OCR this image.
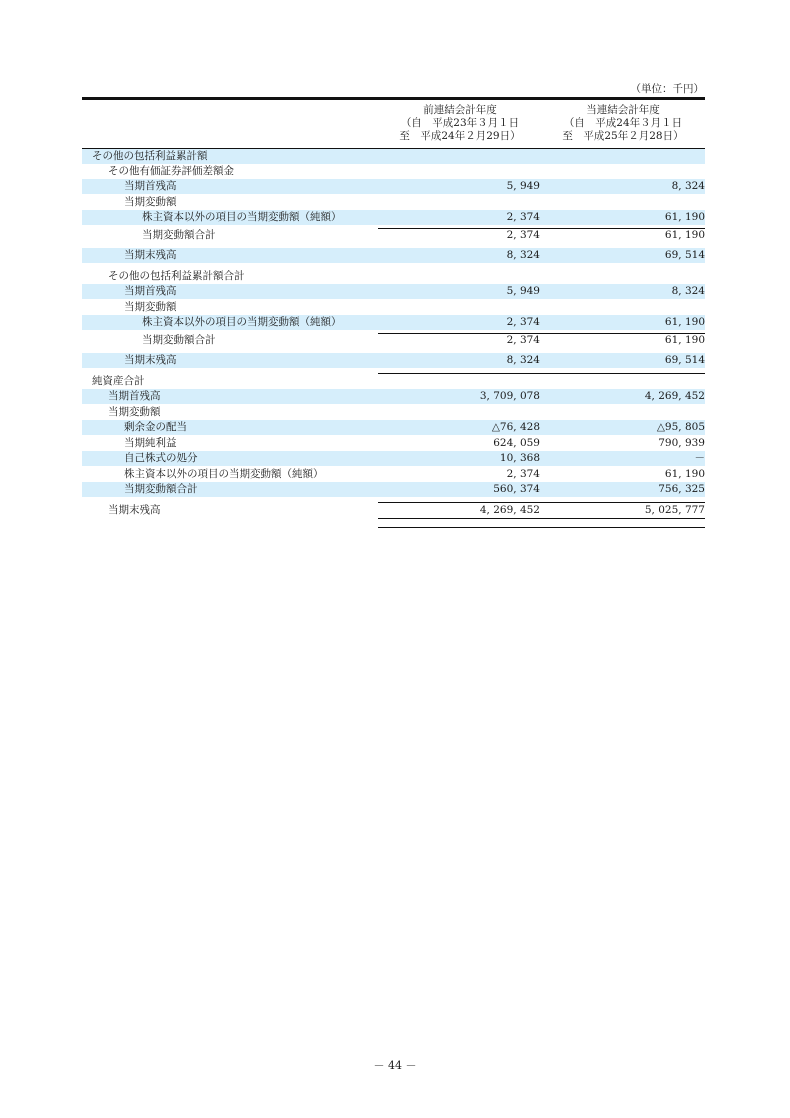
（単位：千円）
前連結会計年度
（自　平成23年３月１日
至　平成24年２月29日）
当連結会計年度
（自　平成24年３月１日
至　平成25年２月28日）
その他の包括利益累計額
その他有価証券評価差額金
当期首残高	5, 949	8, 324
当期変動額
株主資本以外の項目の当期変動額（純額）	2, 374	61, 190
当期変動額合計	2, 374	61, 190
当期末残高	8, 324	69, 514
その他の包括利益累計額合計
当期首残高	5, 949	8, 324
当期変動額
株主資本以外の項目の当期変動額（純額）	2, 374	61, 190
当期変動額合計	2, 374	61, 190
当期末残高	8, 324	69, 514
純資産合計
当期首残高	3, 709, 078	4, 269, 452
当期変動額
剰余金の配当	△76, 428	△95, 805
当期純利益	624, 059	790, 939
自己株式の処分	10, 368	－
株主資本以外の項目の当期変動額（純額）	2, 374	61, 190
当期変動額合計	560, 374	756, 325
当期末残高	4, 269, 452	5, 025, 777
－ 44 －
